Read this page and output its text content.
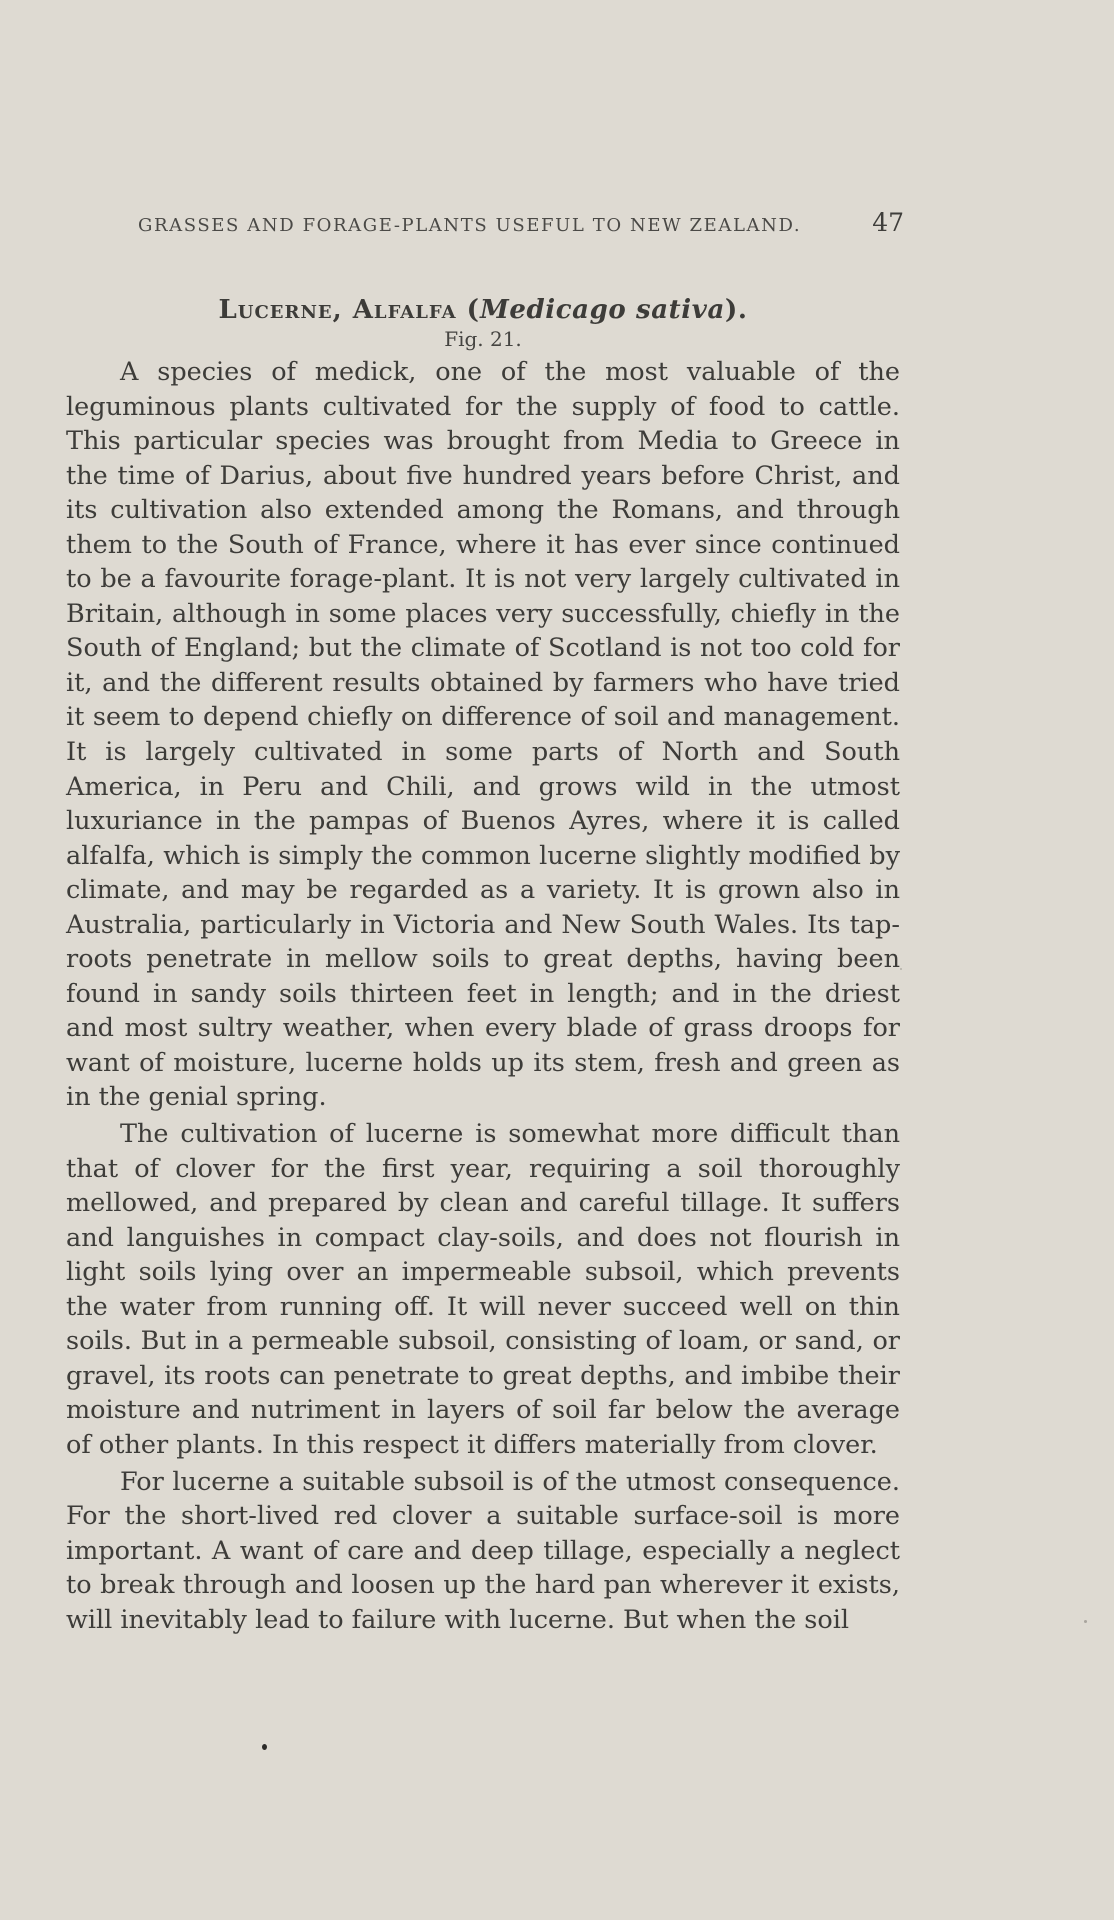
GRASSES AND FORAGE-PLANTS USEFUL TO NEW ZEALAND.	47
Lucerne, Alfalfa (Medicago sativa).
Fig. 21.

A species of medick, one of the most valuable of the leguminous plants cultivated for the supply of food to cattle. This particular species was brought from Media to Greece in the time of Darius, about five hundred years before Christ, and its cultivation also extended among the Romans, and through them to the South of France, where it has ever since continued to be a favourite forage-plant. It is not very largely cultivated in Britain, although in some places very successfully, chiefly in the South of England; but the climate of Scotland is not too cold for it, and the different results obtained by farmers who have tried it seem to depend chiefly on difference of soil and management. It is largely cultivated in some parts of North and South America, in Peru and Chili, and grows wild in the utmost luxuriance in the pampas of Buenos Ayres, where it is called alfalfa, which is simply the common lucerne slightly modified by climate, and may be regarded as a variety. It is grown also in Australia, particularly in Victoria and New South Wales. Its tap-roots penetrate in mellow soils to great depths, having been found in sandy soils thirteen feet in length; and in the driest and most sultry weather, when every blade of grass droops for want of moisture, lucerne holds up its stem, fresh and green as in the genial spring.

The cultivation of lucerne is somewhat more difficult than that of clover for the first year, requiring a soil thoroughly mellowed, and prepared by clean and careful tillage. It suffers and languishes in compact clay-soils, and does not flourish in light soils lying over an impermeable subsoil, which prevents the water from running off. It will never succeed well on thin soils. But in a permeable subsoil, consisting of loam, or sand, or gravel, its roots can penetrate to great depths, and imbibe their moisture and nutriment in layers of soil far below the average of other plants. In this respect it differs materially from clover.

For lucerne a suitable subsoil is of the utmost consequence. For the short-lived red clover a suitable surface-soil is more important. A want of care and deep tillage, especially a neglect to break through and loosen up the hard pan wherever it exists, will inevitably lead to failure with lucerne. But when the soil
